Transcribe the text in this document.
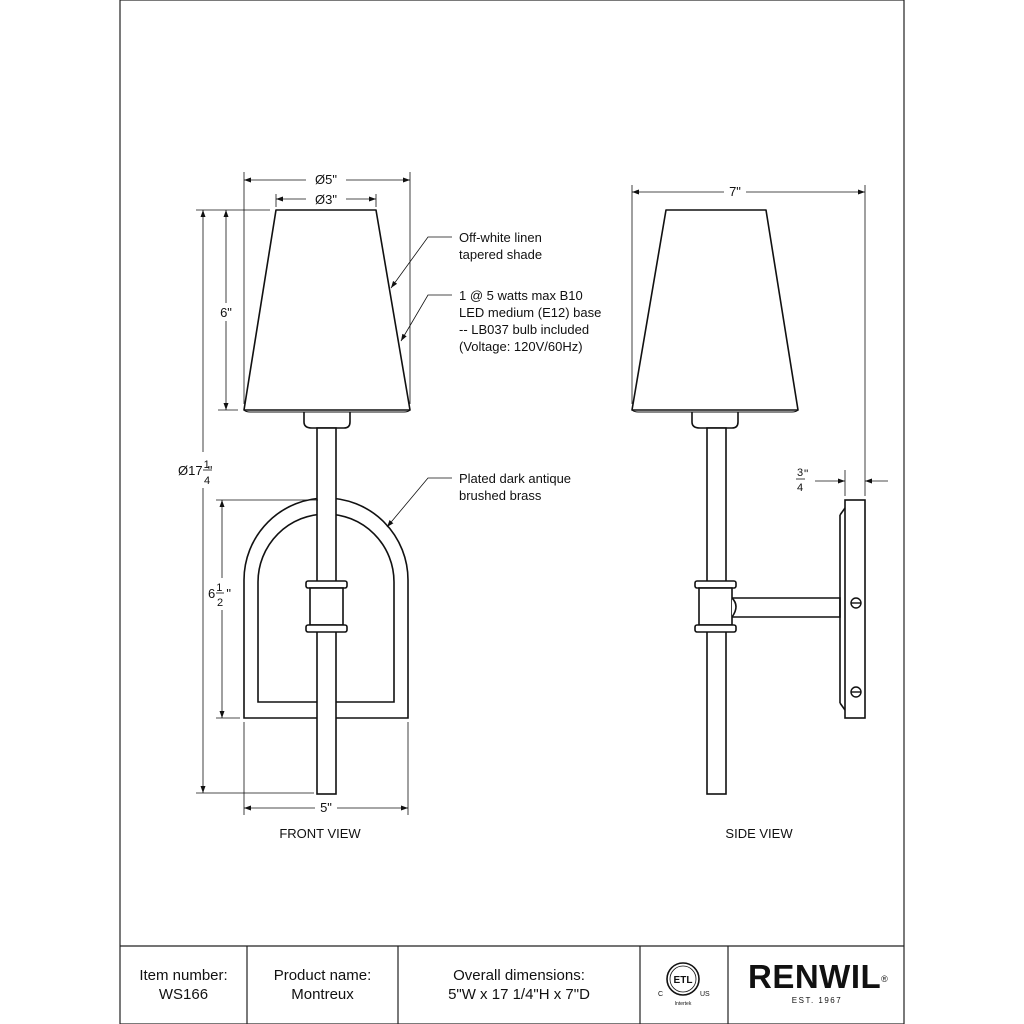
Ø5"
Ø3"
6"
$Ø17^1$"
4
$6^1$ "
2
5"
Off-white linen tapered shade
1 @ 5 watts max B10 LED medium (E12) base -- LB037 bulb included (Voltage: 120V/60Hz)
Plated dark antique brushed brass
7"
3 "
4
FRONT VIEW	SIDE VIEW
Item number:
WS166
Product name:
Montreux
Overall dimensions:
5"W x 17 1/4"H x 7"D
ETL
C	US
Intertek
RENWIL®
EST. 1967
